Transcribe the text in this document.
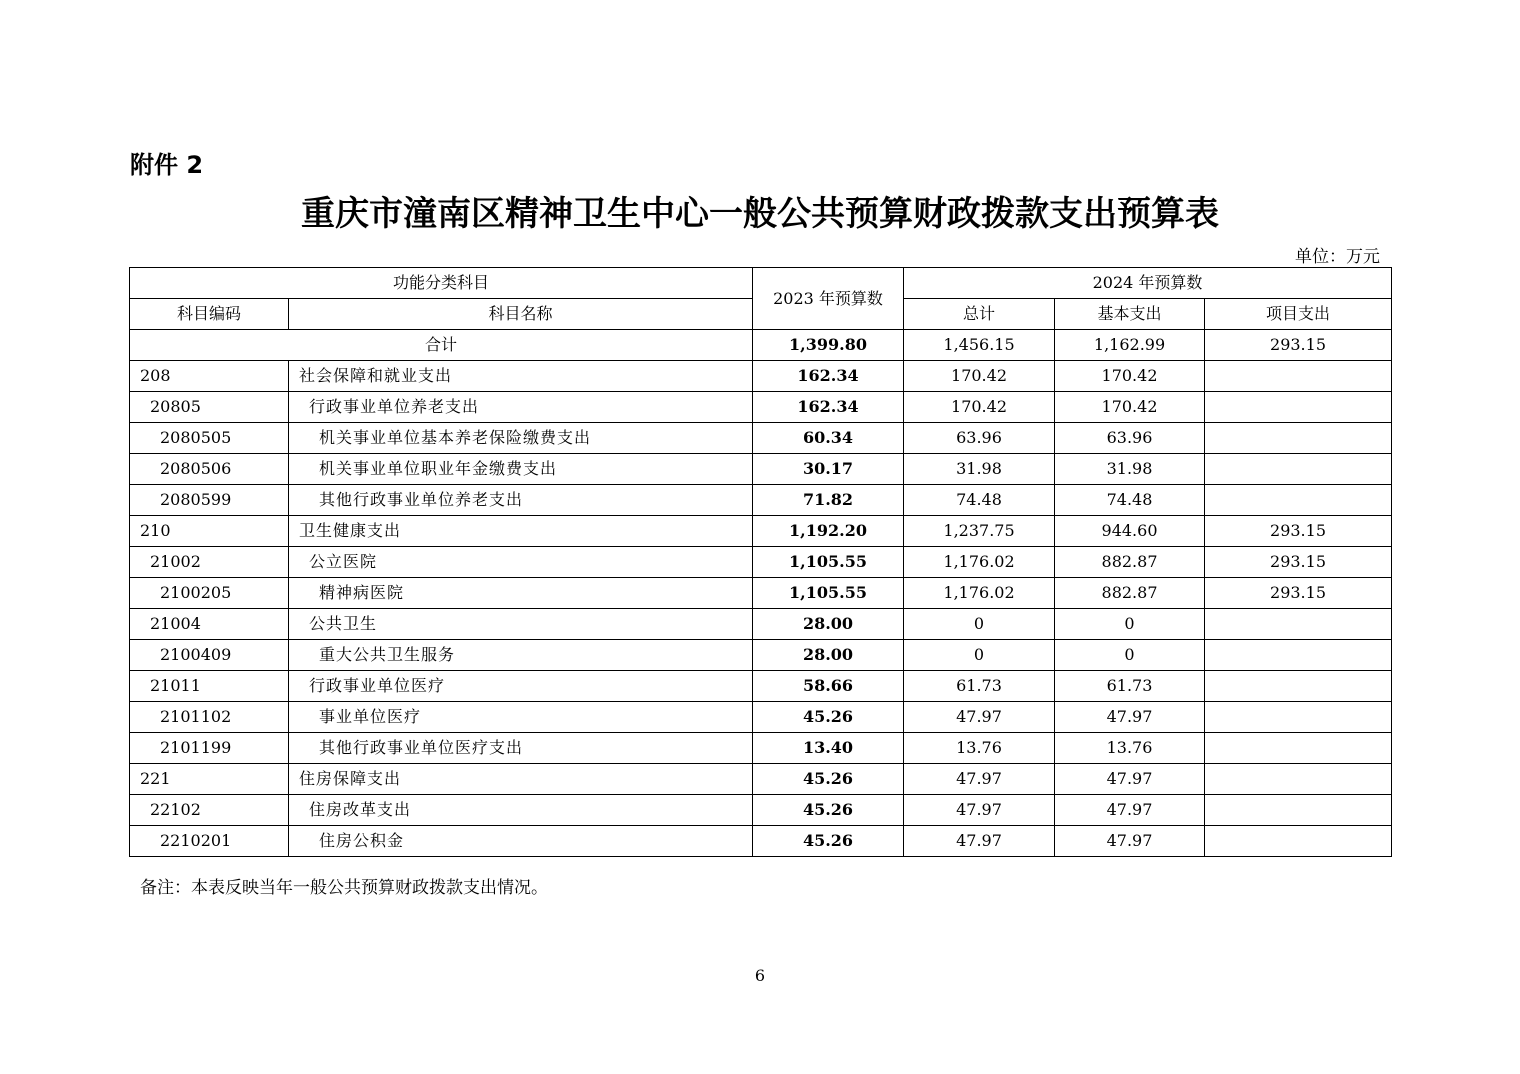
附件 2
重庆市潼南区精神卫生中心一般公共预算财政拨款支出预算表
单位：万元
功能分类科目		2023 年预算数	2024 年预算数		
科目编码	科目名称		总计	基本支出	项目支出
合计		1,399.80	1,456.15	1,162.99	293.15
208	社会保障和就业支出	162.34	170.42	170.42	
20805	行政事业单位养老支出	162.34	170.42	170.42	
2080505	机关事业单位基本养老保险缴费支出	60.34	63.96	63.96	
2080506	机关事业单位职业年金缴费支出	30.17	31.98	31.98	
2080599	其他行政事业单位养老支出	71.82	74.48	74.48	
210	卫生健康支出	1,192.20	1,237.75	944.60	293.15
21002	公立医院	1,105.55	1,176.02	882.87	293.15
2100205	精神病医院	1,105.55	1,176.02	882.87	293.15
21004	公共卫生	28.00	0	0	
2100409	重大公共卫生服务	28.00	0	0	
21011	行政事业单位医疗	58.66	61.73	61.73	
2101102	事业单位医疗	45.26	47.97	47.97	
2101199	其他行政事业单位医疗支出	13.40	13.76	13.76	
221	住房保障支出	45.26	47.97	47.97	
22102	住房改革支出	45.26	47.97	47.97	
2210201	住房公积金	45.26	47.97	47.97	
备注：本表反映当年一般公共预算财政拨款支出情况。
6
